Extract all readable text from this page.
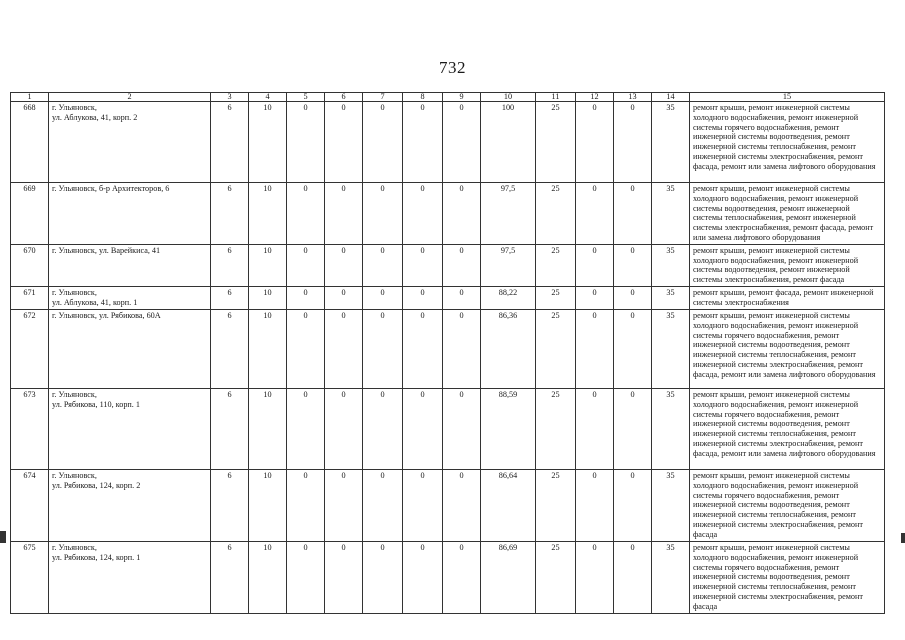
732
1	2	3	4	5	6	7	8	9	10	11	12	13	14	15
668	г. Ульяновск,
ул. Аблукова, 41, корп. 2	6	10	0	0	0	0	0	100	25	0	0	35	ремонт крыши, ремонт инженерной системы холодного водоснабжения, ремонт инженерной системы горячего водоснабжения, ремонт инженерной системы водоотведения, ремонт инженерной системы теплоснабжения, ремонт инженерной системы электроснабжения, ремонт фасада, ремонт или замена лифтового оборудования
669	г. Ульяновск, б-р Архитекторов, 6	6	10	0	0	0	0	0	97,5	25	0	0	35	ремонт крыши, ремонт инженерной системы холодного водоснабжения, ремонт инженерной системы водоотведения, ремонт инженерной системы теплоснабжения, ремонт инженерной системы электроснабжения, ремонт фасада, ремонт или замена лифтового оборудования
670	г. Ульяновск, ул. Варейкиса, 41	6	10	0	0	0	0	0	97,5	25	0	0	35	ремонт крыши, ремонт инженерной системы холодного водоснабжения, ремонт инженерной системы водоотведения, ремонт инженерной системы электроснабжения, ремонт фасада
671	г. Ульяновск,
ул. Аблукова, 41, корп. 1	6	10	0	0	0	0	0	88,22	25	0	0	35	ремонт крыши, ремонт фасада, ремонт инженерной системы электроснабжения
672	г. Ульяновск, ул. Рябикова, 60А	6	10	0	0	0	0	0	86,36	25	0	0	35	ремонт крыши, ремонт инженерной системы холодного водоснабжения, ремонт инженерной системы горячего водоснабжения, ремонт инженерной системы водоотведения, ремонт инженерной системы теплоснабжения, ремонт инженерной системы электроснабжения, ремонт фасада, ремонт или замена лифтового оборудования
673	г. Ульяновск,
ул. Рябикова, 110, корп. 1	6	10	0	0	0	0	0	88,59	25	0	0	35	ремонт крыши, ремонт инженерной системы холодного водоснабжения, ремонт инженерной системы горячего водоснабжения, ремонт инженерной системы водоотведения, ремонт инженерной системы теплоснабжения, ремонт инженерной системы электроснабжения, ремонт фасада, ремонт или замена лифтового оборудования
674	г. Ульяновск,
ул. Рябикова, 124, корп. 2	6	10	0	0	0	0	0	86,64	25	0	0	35	ремонт крыши, ремонт инженерной системы холодного водоснабжения, ремонт инженерной системы горячего водоснабжения, ремонт инженерной системы водоотведения, ремонт инженерной системы теплоснабжения, ремонт инженерной системы электроснабжения, ремонт фасада
675	г. Ульяновск,
ул. Рябикова, 124, корп. 1	6	10	0	0	0	0	0	86,69	25	0	0	35	ремонт крыши, ремонт инженерной системы холодного водоснабжения, ремонт инженерной системы горячего водоснабжения, ремонт инженерной системы водоотведения, ремонт инженерной системы теплоснабжения, ремонт инженерной системы электроснабжения, ремонт фасада
